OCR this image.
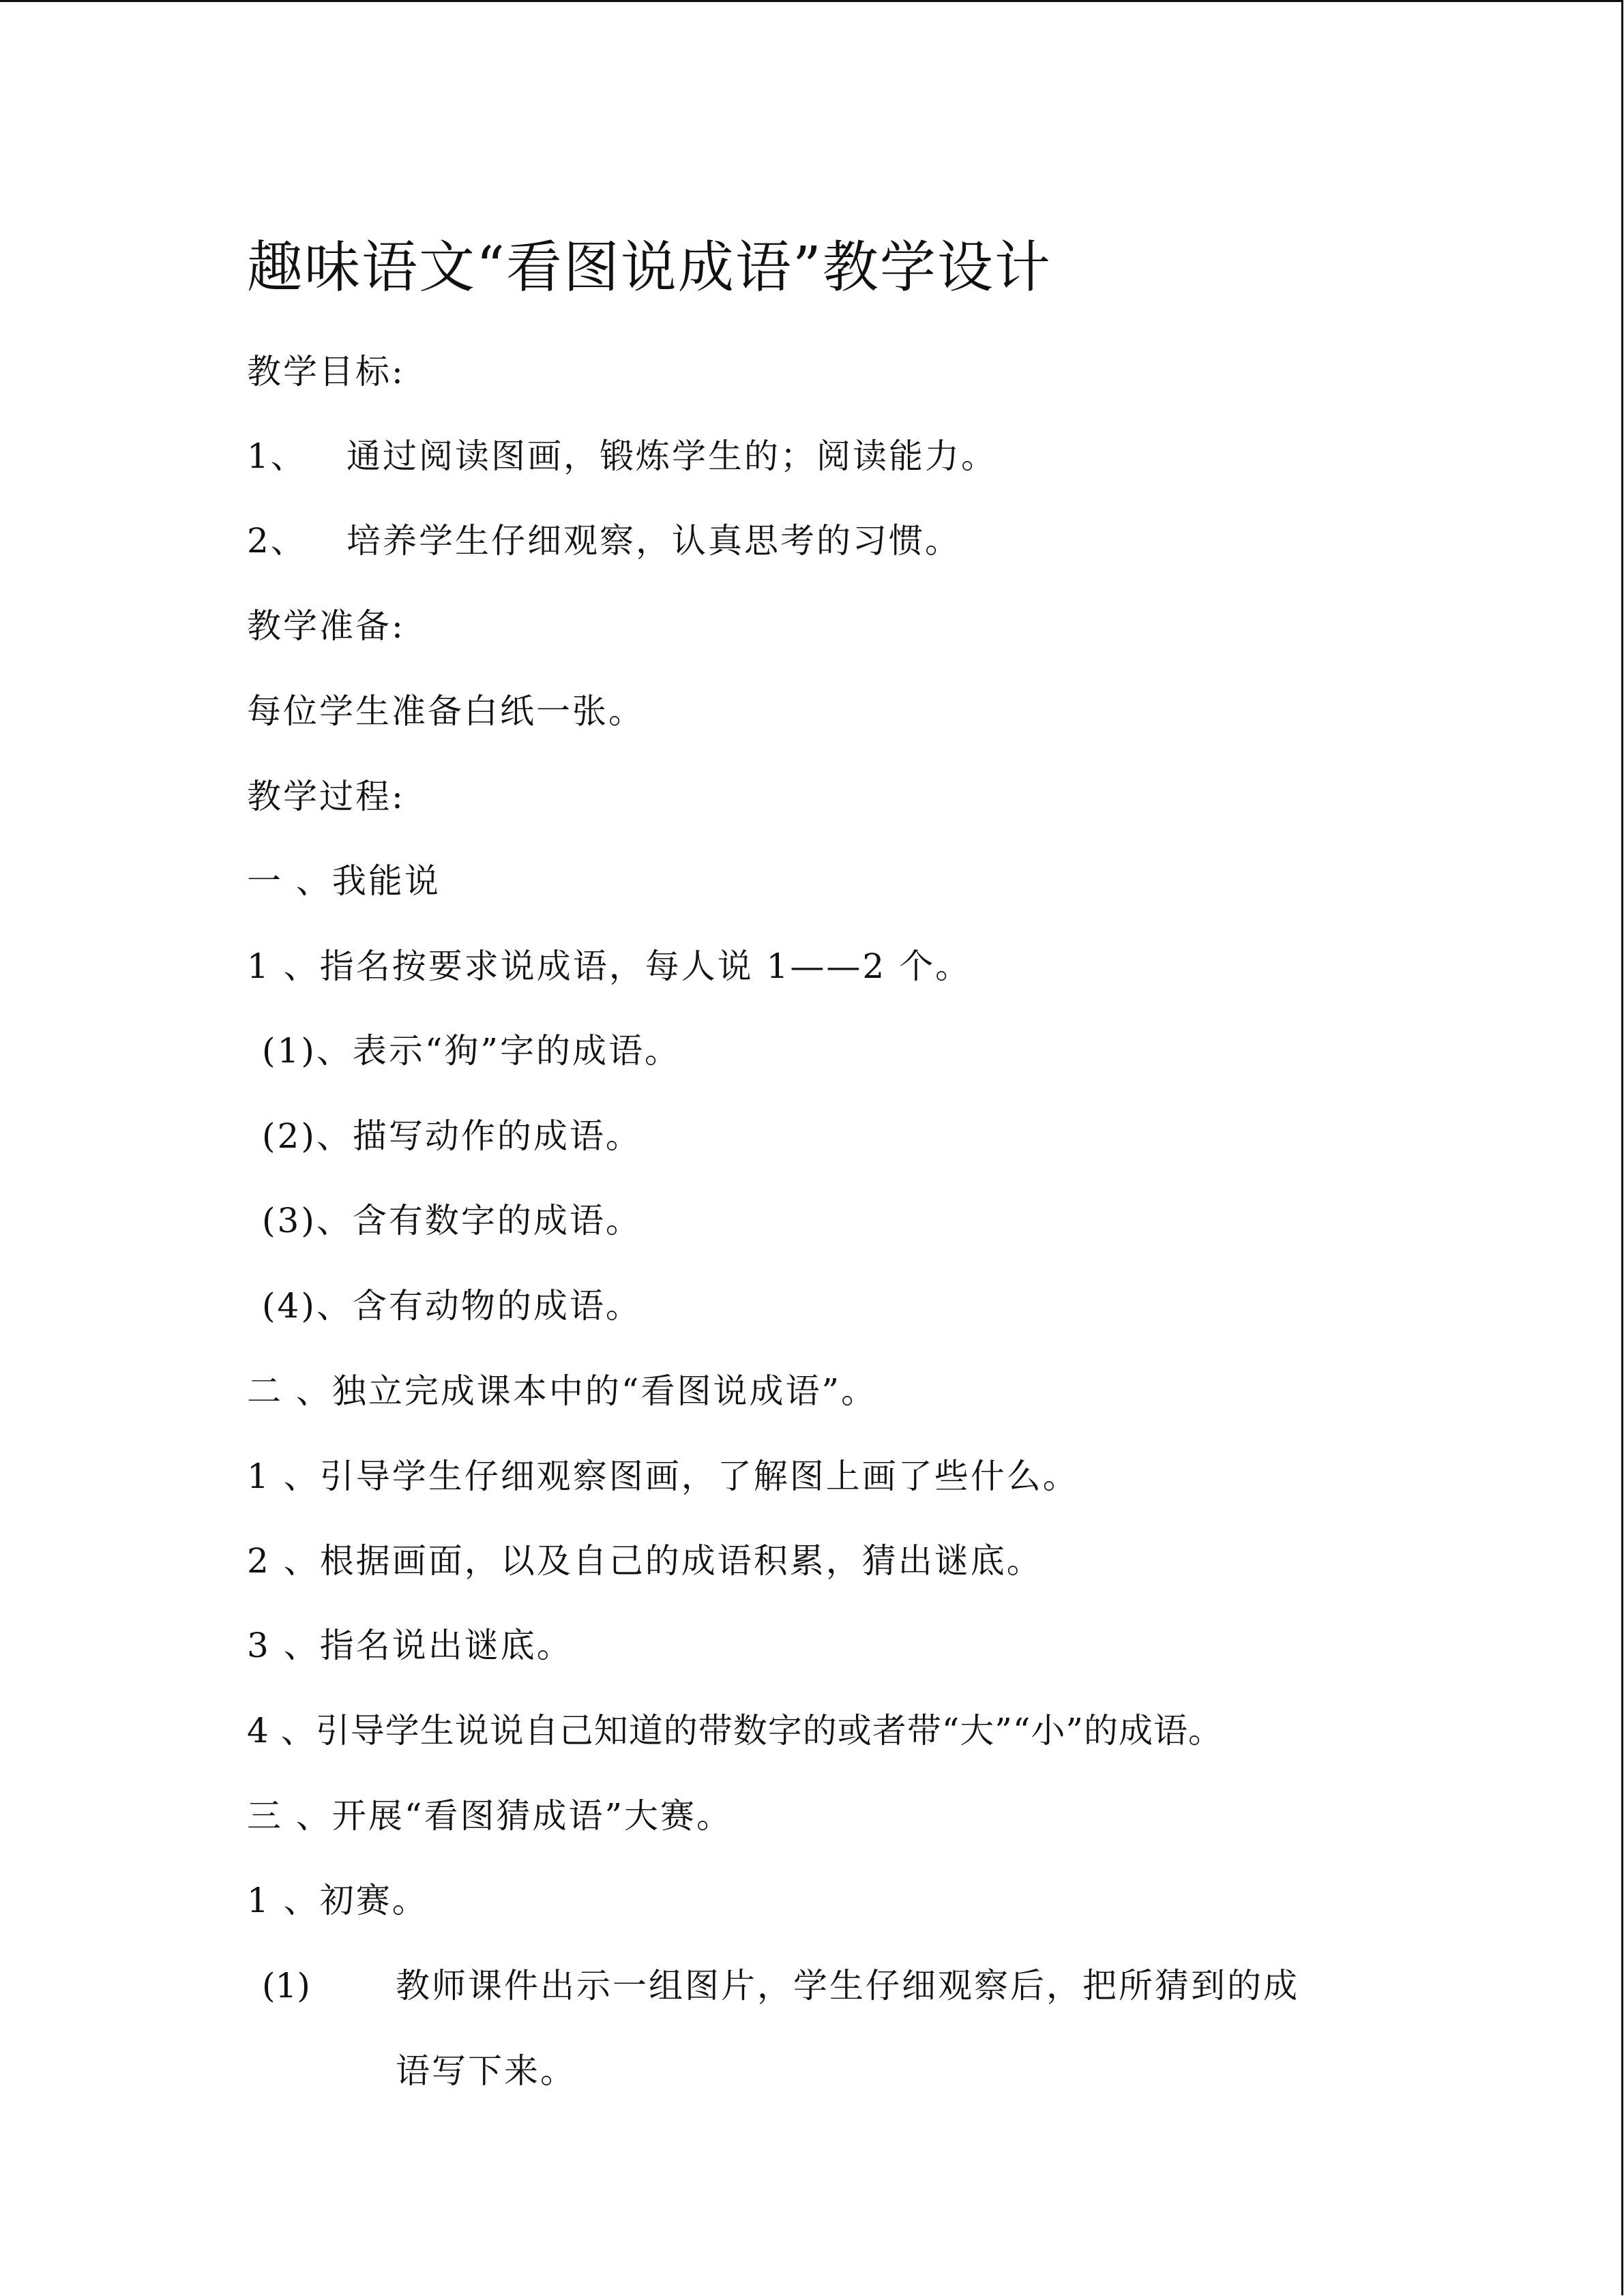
趣味语文“看图说成语”教学设计
教学目标:
1、 通过阅读图画，锻炼学生的；阅读能力。
2、 培养学生仔细观察，认真思考的习惯。
教学准备:
每位学生准备白纸一张。
教学过程:
一 、我能说
1 、指名按要求说成语，每人说 1——2 个。
(1)、表示“狗”字的成语。
(2)、描写动作的成语。
(3)、含有数字的成语。
(4)、含有动物的成语。
二 、独立完成课本中的“看图说成语”。
1 、引导学生仔细观察图画，了解图上画了些什么。
2 、根据画面，以及自己的成语积累，猜出谜底。
3 、指名说出谜底。
4 、引导学生说说自己知道的带数字的或者带“大”“小”的成语。
三 、开展“看图猜成语”大赛。
1 、初赛。
(1)	教师课件出示一组图片，学生仔细观察后，把所猜到的成
语写下来。
